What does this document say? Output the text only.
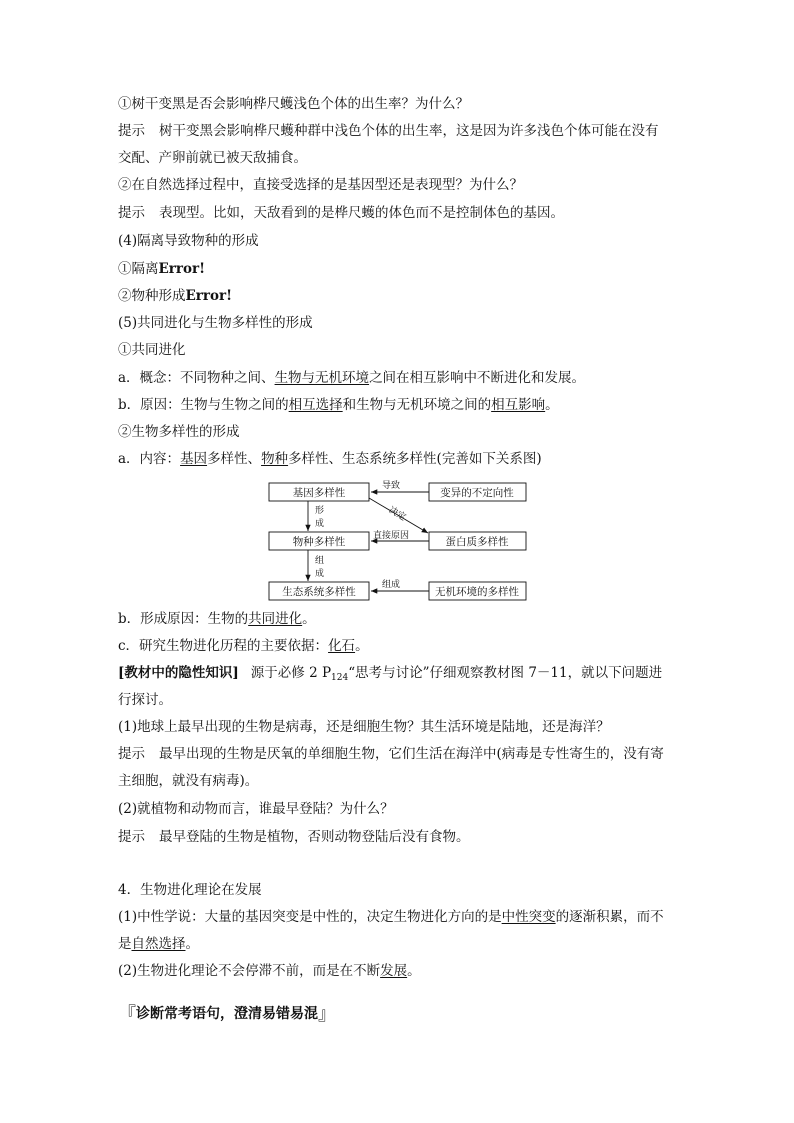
①树干变黑是否会影响桦尺蠖浅色个体的出生率？为什么？
提示 树干变黑会影响桦尺蠖种群中浅色个体的出生率，这是因为许多浅色个体可能在没有
交配、产卵前就已被天敌捕食。
②在自然选择过程中，直接受选择的是基因型还是表现型？为什么？
提示 表现型。比如，天敌看到的是桦尺蠖的体色而不是控制体色的基因。
(4)隔离导致物种的形成
①隔离Error!
②物种形成Error!
(5)共同进化与生物多样性的形成
①共同进化
a．概念：不同物种之间、生物与无机环境之间在相互影响中不断进化和发展。
b．原因：生物与生物之间的相互选择和生物与无机环境之间的相互影响。
②生物多样性的形成
a．内容：基因多样性、物种多样性、生态系统多样性(完善如下关系图)
基因多样性	变异的不定向性
物种多样性	蛋白质多样性
生态系统多样性	无机环境的多样性
导致
决定
形
成
直接原因
组
成
组成
b．形成原因：生物的共同进化。
c．研究生物进化历程的主要依据：化石。
[教材中的隐性知识] 源于必修 2 $P_{124}“$思考与讨论”仔细观察教材图 7－11，就以下问题进
行探讨。
(1)地球上最早出现的生物是病毒，还是细胞生物？其生活环境是陆地，还是海洋？
提示 最早出现的生物是厌氧的单细胞生物，它们生活在海洋中(病毒是专性寄生的，没有寄
主细胞，就没有病毒)。
(2)就植物和动物而言，谁最早登陆？为什么？
提示 最早登陆的生物是植物，否则动物登陆后没有食物。
4．生物进化理论在发展
(1)中性学说：大量的基因突变是中性的，决定生物进化方向的是中性突变的逐渐积累，而不
是自然选择。
(2)生物进化理论不会停滞不前，而是在不断发展。
『诊断常考语句，澄清易错易混』
